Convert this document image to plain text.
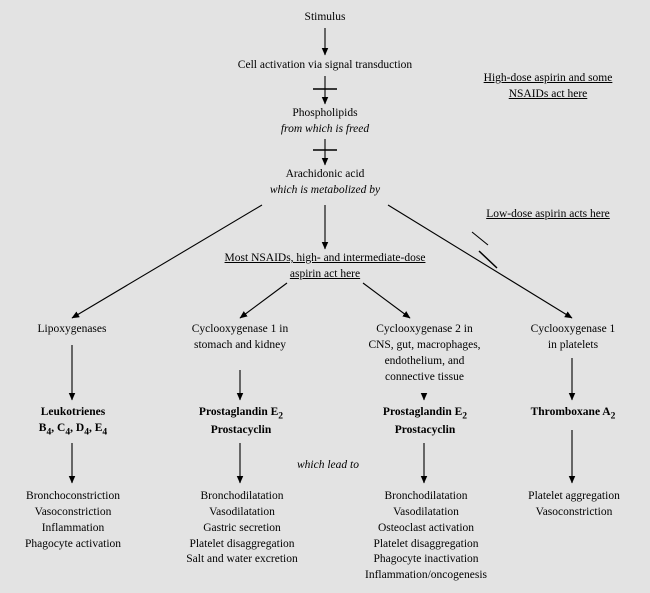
Stimulus
Cell activation via signal transduction
High-dose aspirin and some
NSAIDs act here
Phospholipids
from which is freed
Arachidonic acid
which is metabolized by
Low-dose aspirin acts here
Most NSAIDs, high- and intermediate-dose
aspirin act here
Lipoxygenases	Cyclooxygenase 1 in
stomach and kidney
Cyclooxygenase 2 in
CNS, gut, macrophages,
endothelium, and
connective tissue
Cyclooxygenase 1
in platelets
Leukotrienes
$B_4$, $C_4$, $D_4$, $E_4$
Prostaglandin $E_2$
Prostacyclin
Prostaglandin $E_2$
Prostacyclin
Thromboxane $A_2$
which lead to
Bronchoconstriction
Vasoconstriction
Inflammation
Phagocyte activation
Bronchodilatation
Vasodilatation
Gastric secretion
Platelet disaggregation
Salt and water excretion
Bronchodilatation
Vasodilatation
Osteoclast activation
Platelet disaggregation
Phagocyte inactivation
Inflammation/oncogenesis
Platelet aggregation
Vasoconstriction
